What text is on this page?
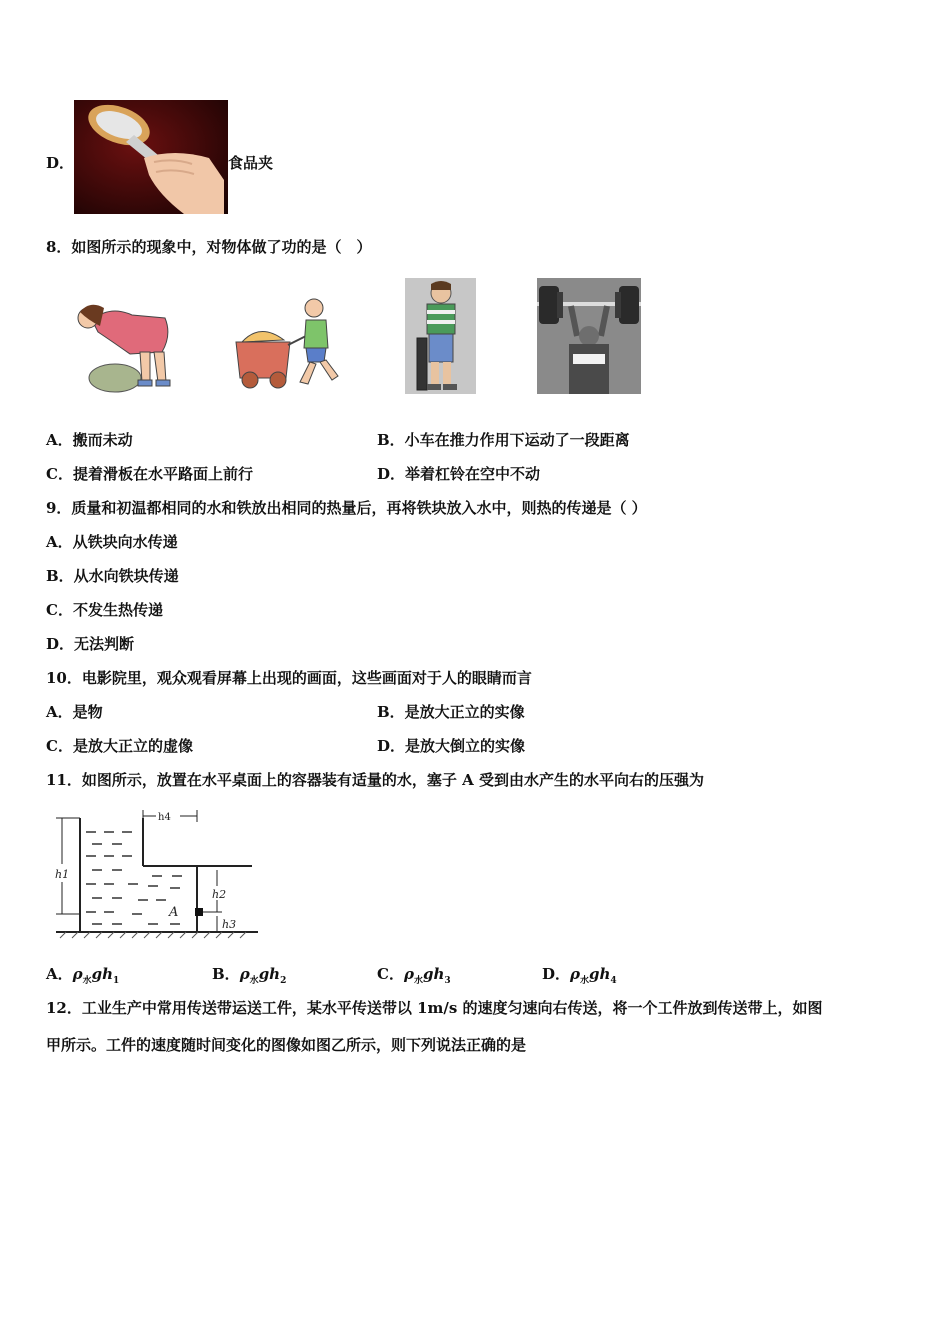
D．	食品夹
8．如图所示的现象中，对物体做了功的是（　）
A．搬而未动	B．小车在推力作用下运动了一段距离
C．提着滑板在水平路面上前行	D．举着杠铃在空中不动
9．质量和初温都相同的水和铁放出相同的热量后，再将铁块放入水中，则热的传递是（ ）
A．从铁块向水传递
B．从水向铁块传递
C．不发生热传递
D．无法判断
10．电影院里，观众观看屏幕上出现的画面，这些画面对于人的眼睛而言
A．是物	B．是放大正立的实像
C．是放大正立的虚像	D．是放大倒立的实像
11．如图所示，放置在水平桌面上的容器装有适量的水，塞子 A 受到由水产生的水平向右的压强为
A
h4
h1
h2
h3
A．$\rho_水gh_1$	B．$\rho_水gh_2$	C．$\rho_水gh_3$	D．$\rho_水gh_4$
12．工业生产中常用传送带运送工件，某水平传送带以 1m/s 的速度匀速向右传送，将一个工件放到传送带上，如图
甲所示。工件的速度随时间变化的图像如图乙所示，则下列说法正确的是
